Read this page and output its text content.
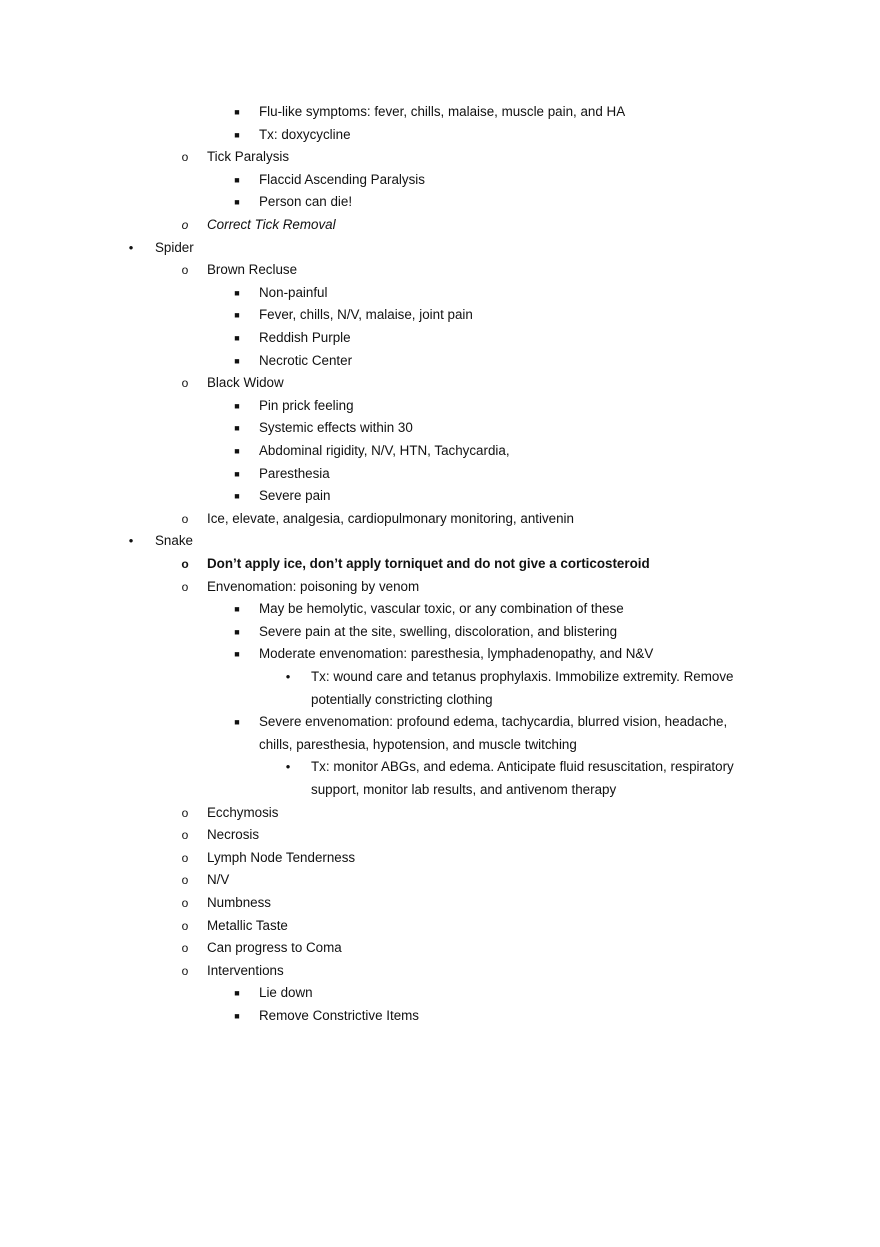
■ Flu-like symptoms: fever, chills, malaise, muscle pain, and HA
■ Tx: doxycycline
o Tick Paralysis
■ Flaccid Ascending Paralysis
■ Person can die!
o Correct Tick Removal
• Spider
o Brown Recluse
■ Non-painful
■ Fever, chills, N/V, malaise, joint pain
■ Reddish Purple
■ Necrotic Center
o Black Widow
■ Pin prick feeling
■ Systemic effects within 30
■ Abdominal rigidity, N/V, HTN, Tachycardia,
■ Paresthesia
■ Severe pain
o Ice, elevate, analgesia, cardiopulmonary monitoring, antivenin
• Snake
o Don’t apply ice, don’t apply torniquet and do not give a corticosteroid
o Envenomation: poisoning by venom
■ May be hemolytic, vascular toxic, or any combination of these
■ Severe pain at the site, swelling, discoloration, and blistering
■ Moderate envenomation: paresthesia, lymphadenopathy, and N&V
• Tx: wound care and tetanus prophylaxis. Immobilize extremity. Remove
potentially constricting clothing
■ Severe envenomation: profound edema, tachycardia, blurred vision, headache,
chills, paresthesia, hypotension, and muscle twitching
• Tx: monitor ABGs, and edema. Anticipate fluid resuscitation, respiratory
support, monitor lab results, and antivenom therapy
o Ecchymosis
o Necrosis
o Lymph Node Tenderness
o N/V
o Numbness
o Metallic Taste
o Can progress to Coma
o Interventions
■ Lie down
■ Remove Constrictive Items
